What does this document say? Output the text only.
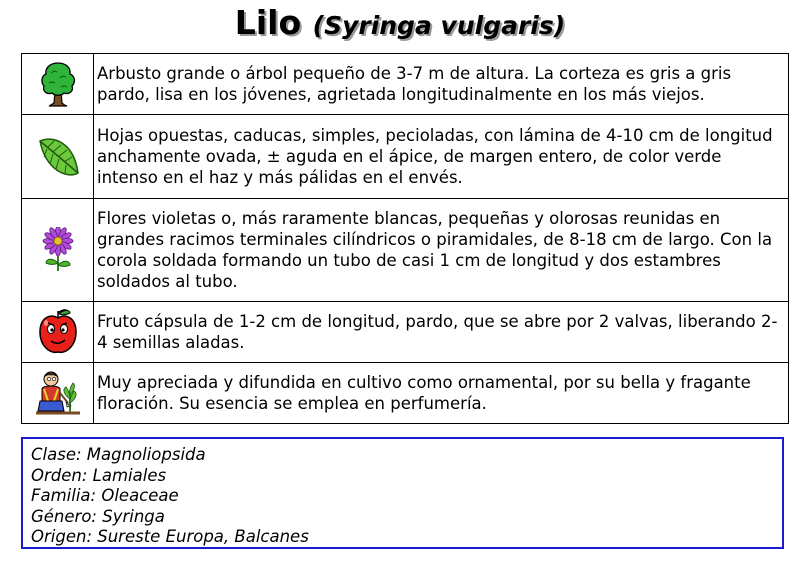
Lilo (Syringa vulgaris)
	Arbusto grande o árbol pequeño de 3-7 m de altura. La corteza es gris a gris pardo, lisa en los jóvenes, agrietada longitudinalmente en los más viejos.
	Hojas opuestas, caducas, simples, pecioladas, con lámina de 4-10 cm de longitud anchamente ovada, ± aguda en el ápice, de margen entero, de color verde intenso en el haz y más pálidas en el envés.
	Flores violetas o, más raramente blancas, pequeñas y olorosas reunidas en grandes racimos terminales cilíndricos o piramidales, de 8-18 cm de largo. Con la corola soldada formando un tubo de casi 1 cm de longitud y dos estambres soldados al tubo.
	Fruto cápsula de 1-2 cm de longitud, pardo, que se abre por 2 valvas, liberando 2-4 semillas aladas.
	Muy apreciada y difundida en cultivo como ornamental, por su bella y fragante floración. Su esencia se emplea en perfumería.
Clase: Magnoliopsida
Orden: Lamiales
Familia: Oleaceae
Género: Syringa
Origen: Sureste Europa, Balcanes
